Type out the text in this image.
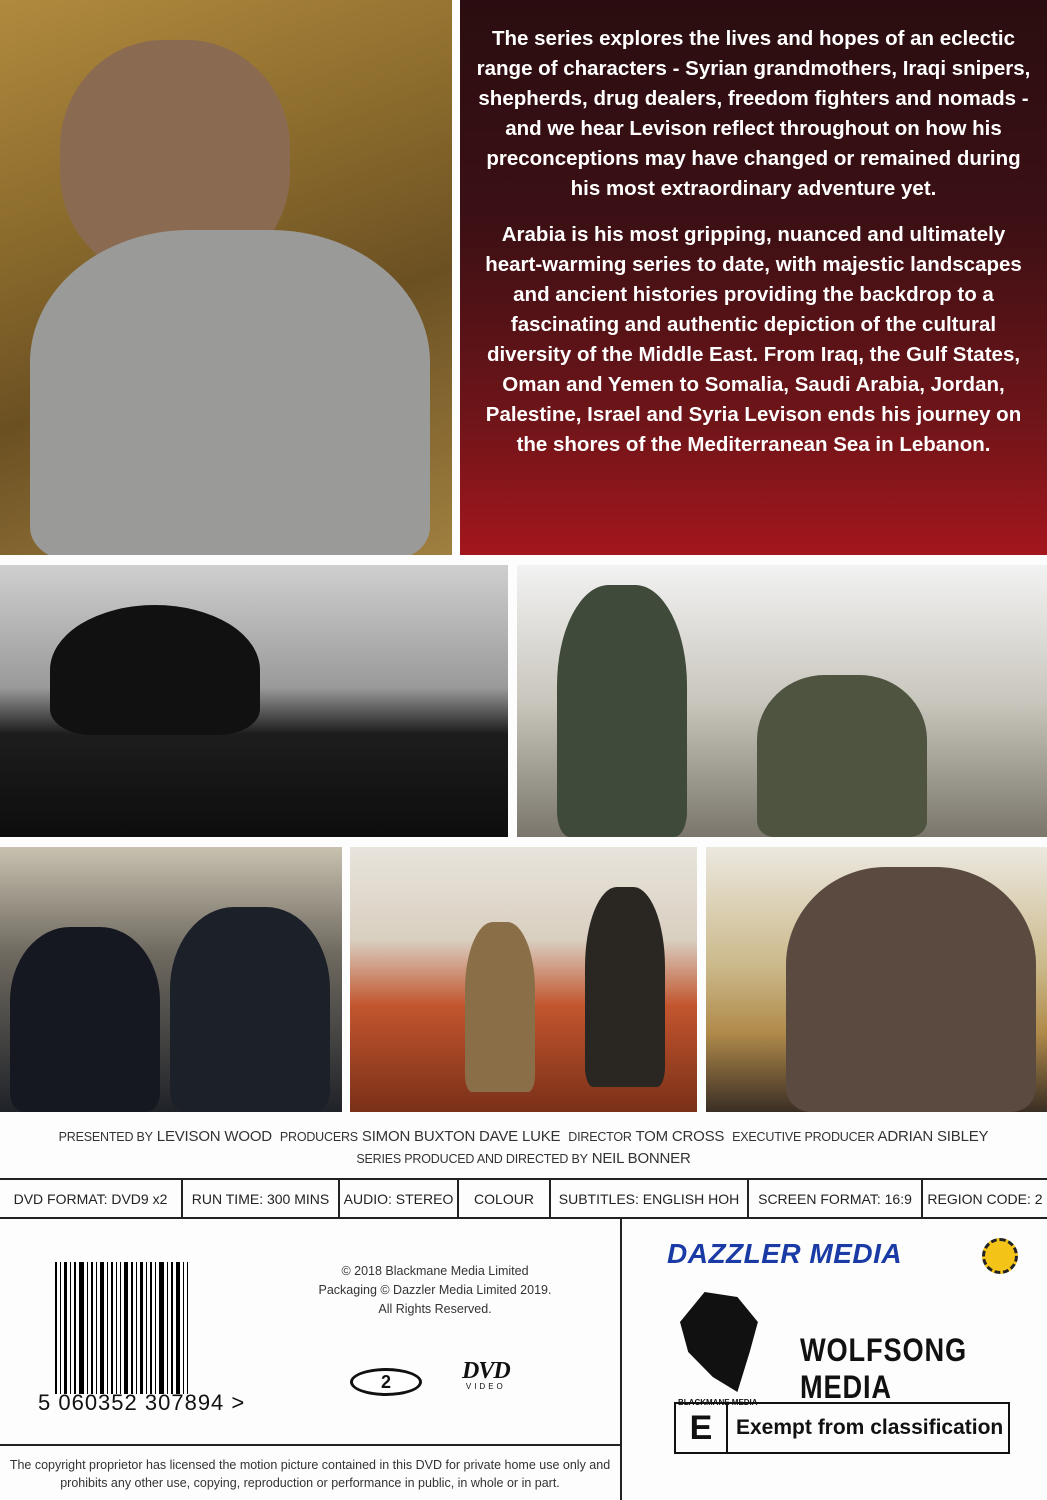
The series explores the lives and hopes of an eclectic range of characters - Syrian grandmothers, Iraqi snipers, shepherds, drug dealers, freedom fighters and nomads - and we hear Levison reflect throughout on how his preconceptions may have changed or remained during his most extraordinary adventure yet.

Arabia is his most gripping, nuanced and ultimately heart-warming series to date, with majestic landscapes and ancient histories providing the backdrop to a fascinating and authentic depiction of the cultural diversity of the Middle East. From Iraq, the Gulf States, Oman and Yemen to Somalia, Saudi Arabia, Jordan, Palestine, Israel and Syria Levison ends his journey on the shores of the Mediterranean Sea in Lebanon.

PRESENTED BY LEVISON WOOD PRODUCERS SIMON BUXTON DAVE LUKE DIRECTOR TOM CROSS EXECUTIVE PRODUCER ADRIAN SIBLEY
SERIES PRODUCED AND DIRECTED BY NEIL BONNER
DVD FORMAT: DVD9 x2	RUN TIME: 300 MINS	AUDIO: STEREO	COLOUR	SUBTITLES: ENGLISH HOH	SCREEN FORMAT: 16:9	REGION CODE: 2
5 060352 307894 >
© 2018 Blackmane Media Limited
Packaging © Dazzler Media Limited 2019.
All Rights Reserved.
2	DVD
VIDEO
The copyright proprietor has licensed the motion picture contained in this DVD for private home use only and prohibits any other use, copying, reproduction or performance in public, in whole or in part.
DAZZLER MEDIA
BLACKMANE MEDIA
WOLFSONG MEDIA
E	Exempt from classification
